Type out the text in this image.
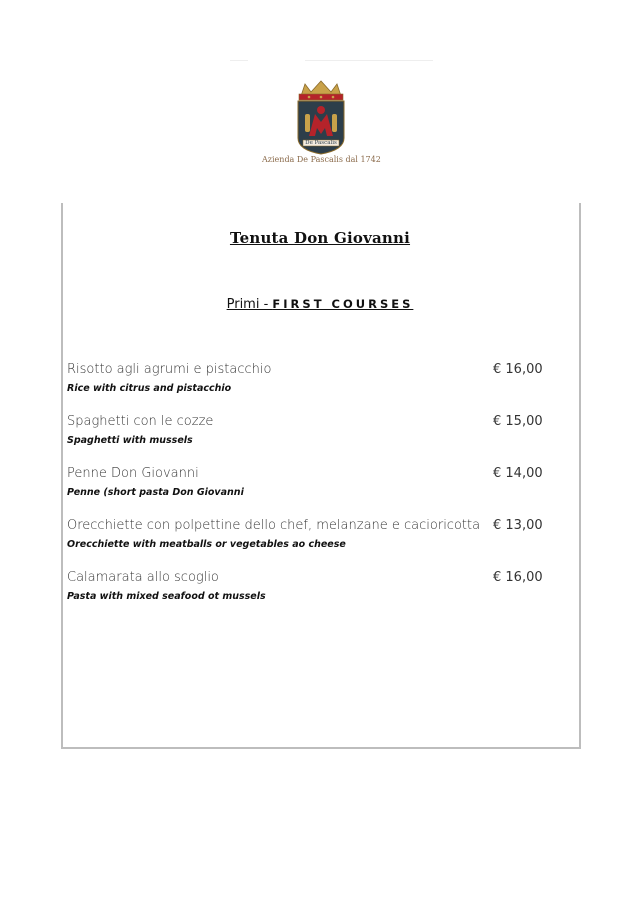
De Pascalis
Azienda De Pascalis dal 1742
Tenuta Don Giovanni
Primi - FIRST COURSES
Risotto agli agrumi e pistacchio	€ 16,00
Rice with citrus and pistacchio
Spaghetti con le cozze	€ 15,00
Spaghetti with mussels
Penne Don Giovanni	€ 14,00
Penne (short pasta Don Giovanni
Orecchiette con polpettine dello chef, melanzane e cacioricotta € 13,00
Orecchiette with meatballs or vegetables ao cheese
Calamarata allo scoglio	€ 16,00
Pasta with mixed seafood ot mussels
